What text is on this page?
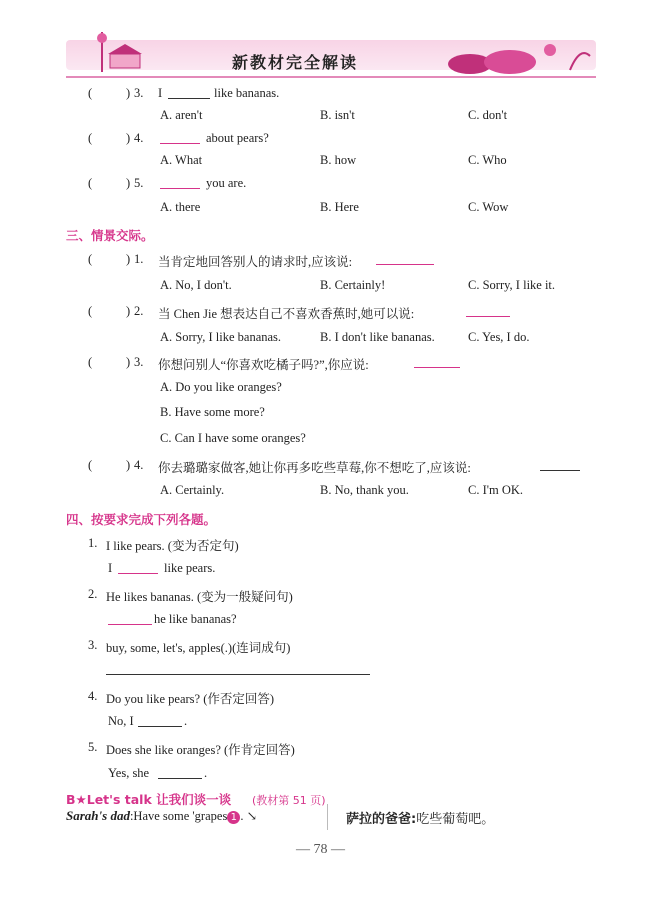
新教材完全解读
(	) 3. I	like bananas.
A. aren't	B. isn't	C. don't
(	) 4.	about pears?
A. What	B. how	C. Who
(	) 5.	you are.
A. there	B. Here	C. Wow
三、情景交际。
(	) 1. 当肯定地回答别人的请求时,应该说:
A. No, I don't.	B. Certainly!	C. Sorry, I like it.
(	) 2. 当 Chen Jie 想表达自己不喜欢香蕉时,她可以说:
A. Sorry, I like bananas.	B. I don't like bananas.	C. Yes, I do.
(	) 3. 你想问别人“你喜欢吃橘子吗?”,你应说:
A. Do you like oranges?
B. Have some more?
C. Can I have some oranges?
(	) 4. 你去璐璐家做客,她让你再多吃些草莓,你不想吃了,应该说:
A. Certainly.	B. No, thank you.	C. I'm OK.
四、按要求完成下列各题。
1. I like pears. (变为否定句)
I	like pears.
2. He likes bananas. (变为一般疑问句)
he like bananas?
3. buy, some, let's, apples(.)(连词成句)
4. Do you like pears? (作否定回答)
No, I	.
5. Does she like oranges? (作肯定回答)
Yes, she	.
B★Let's talk 让我们谈一谈 (教材第 51 页)
Sarah's dad:Have some 'grapes 1 . ↘	萨拉的爸爸:吃些葡萄吧。
— 78 —
